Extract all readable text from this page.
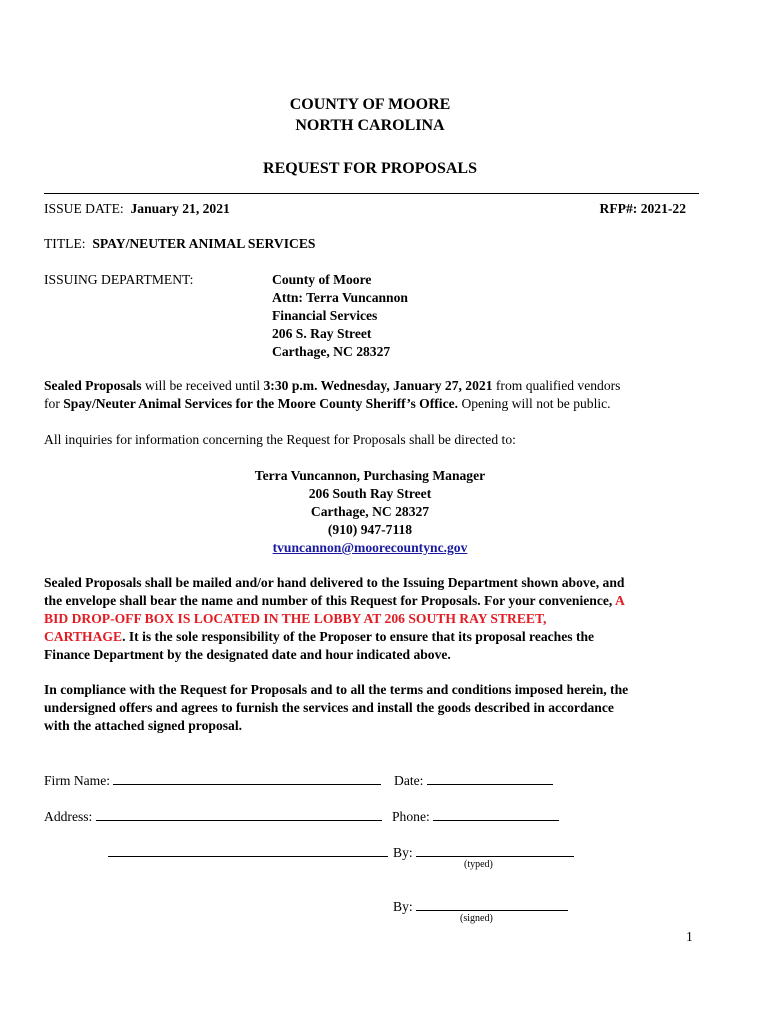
COUNTY OF MOORE
NORTH CAROLINA
REQUEST FOR PROPOSALS
ISSUE DATE: January 21, 2021	RFP#: 2021-22
TITLE: SPAY/NEUTER ANIMAL SERVICES
ISSUING DEPARTMENT:	County of Moore
Attn: Terra Vuncannon
Financial Services
206 S. Ray Street
Carthage, NC 28327
Sealed Proposals will be received until 3:30 p.m. Wednesday, January 27, 2021 from qualified vendors
for Spay/Neuter Animal Services for the Moore County Sheriff’s Office. Opening will not be public.
All inquiries for information concerning the Request for Proposals shall be directed to:
Terra Vuncannon, Purchasing Manager
206 South Ray Street
Carthage, NC 28327
(910) 947-7118
tvuncannon@moorecountync.gov
Sealed Proposals shall be mailed and/or hand delivered to the Issuing Department shown above, and
the envelope shall bear the name and number of this Request for Proposals. For your convenience, A
BID DROP-OFF BOX IS LOCATED IN THE LOBBY AT 206 SOUTH RAY STREET,
CARTHAGE. It is the sole responsibility of the Proposer to ensure that its proposal reaches the
Finance Department by the designated date and hour indicated above.
In compliance with the Request for Proposals and to all the terms and conditions imposed herein, the
undersigned offers and agrees to furnish the services and install the goods described in accordance
with the attached signed proposal.
Firm Name:	Date:
Address:	Phone:
By:
(typed)
By:
(signed)
1
